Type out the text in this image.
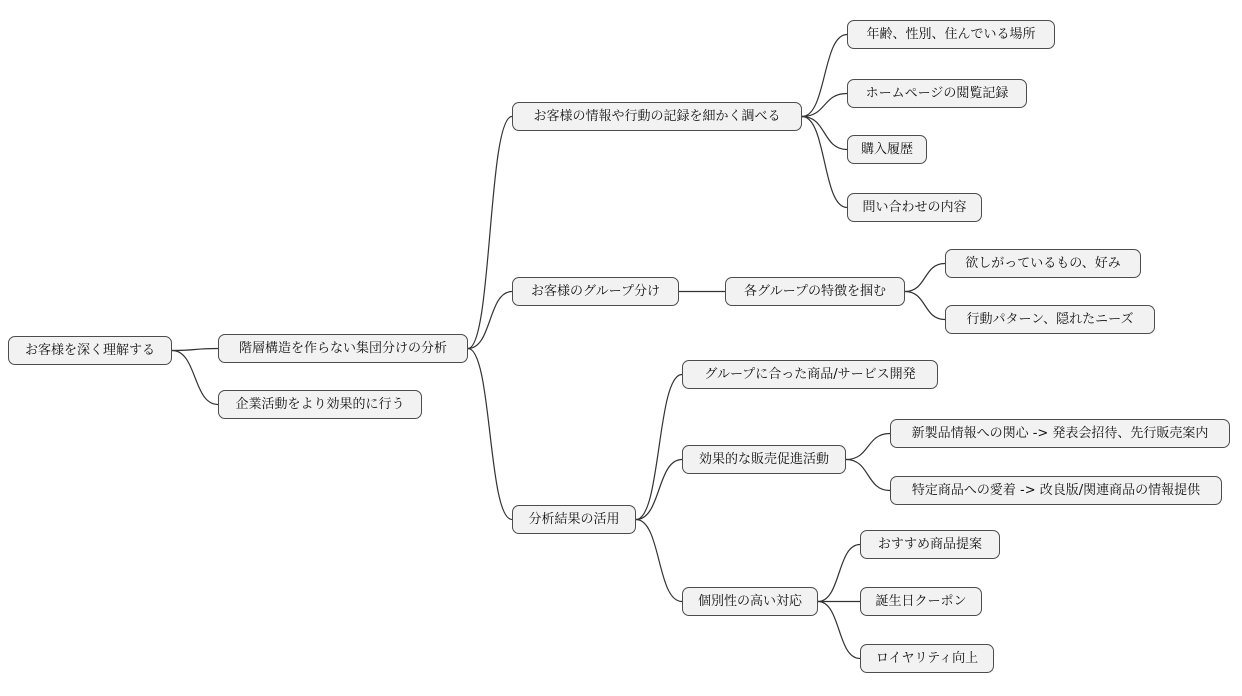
お客様を深く理解する	階層構造を作らない集団分けの分析
企業活動をより効果的に行う
お客様の情報や行動の記録を細かく調べる
年齢、性別、住んでいる場所
ホームページの閲覧記録
購入履歴
問い合わせの内容
お客様のグループ分け	各グループの特徴を掴む
欲しがっているもの、好み
行動パターン、隠れたニーズ
分析結果の活用
グループに合った商品/サービス開発
効果的な販売促進活動
新製品情報への関心 -> 発表会招待、先行販売案内
特定商品への愛着 -> 改良版/関連商品の情報提供
個別性の高い対応
おすすめ商品提案
誕生日クーポン
ロイヤリティ向上
